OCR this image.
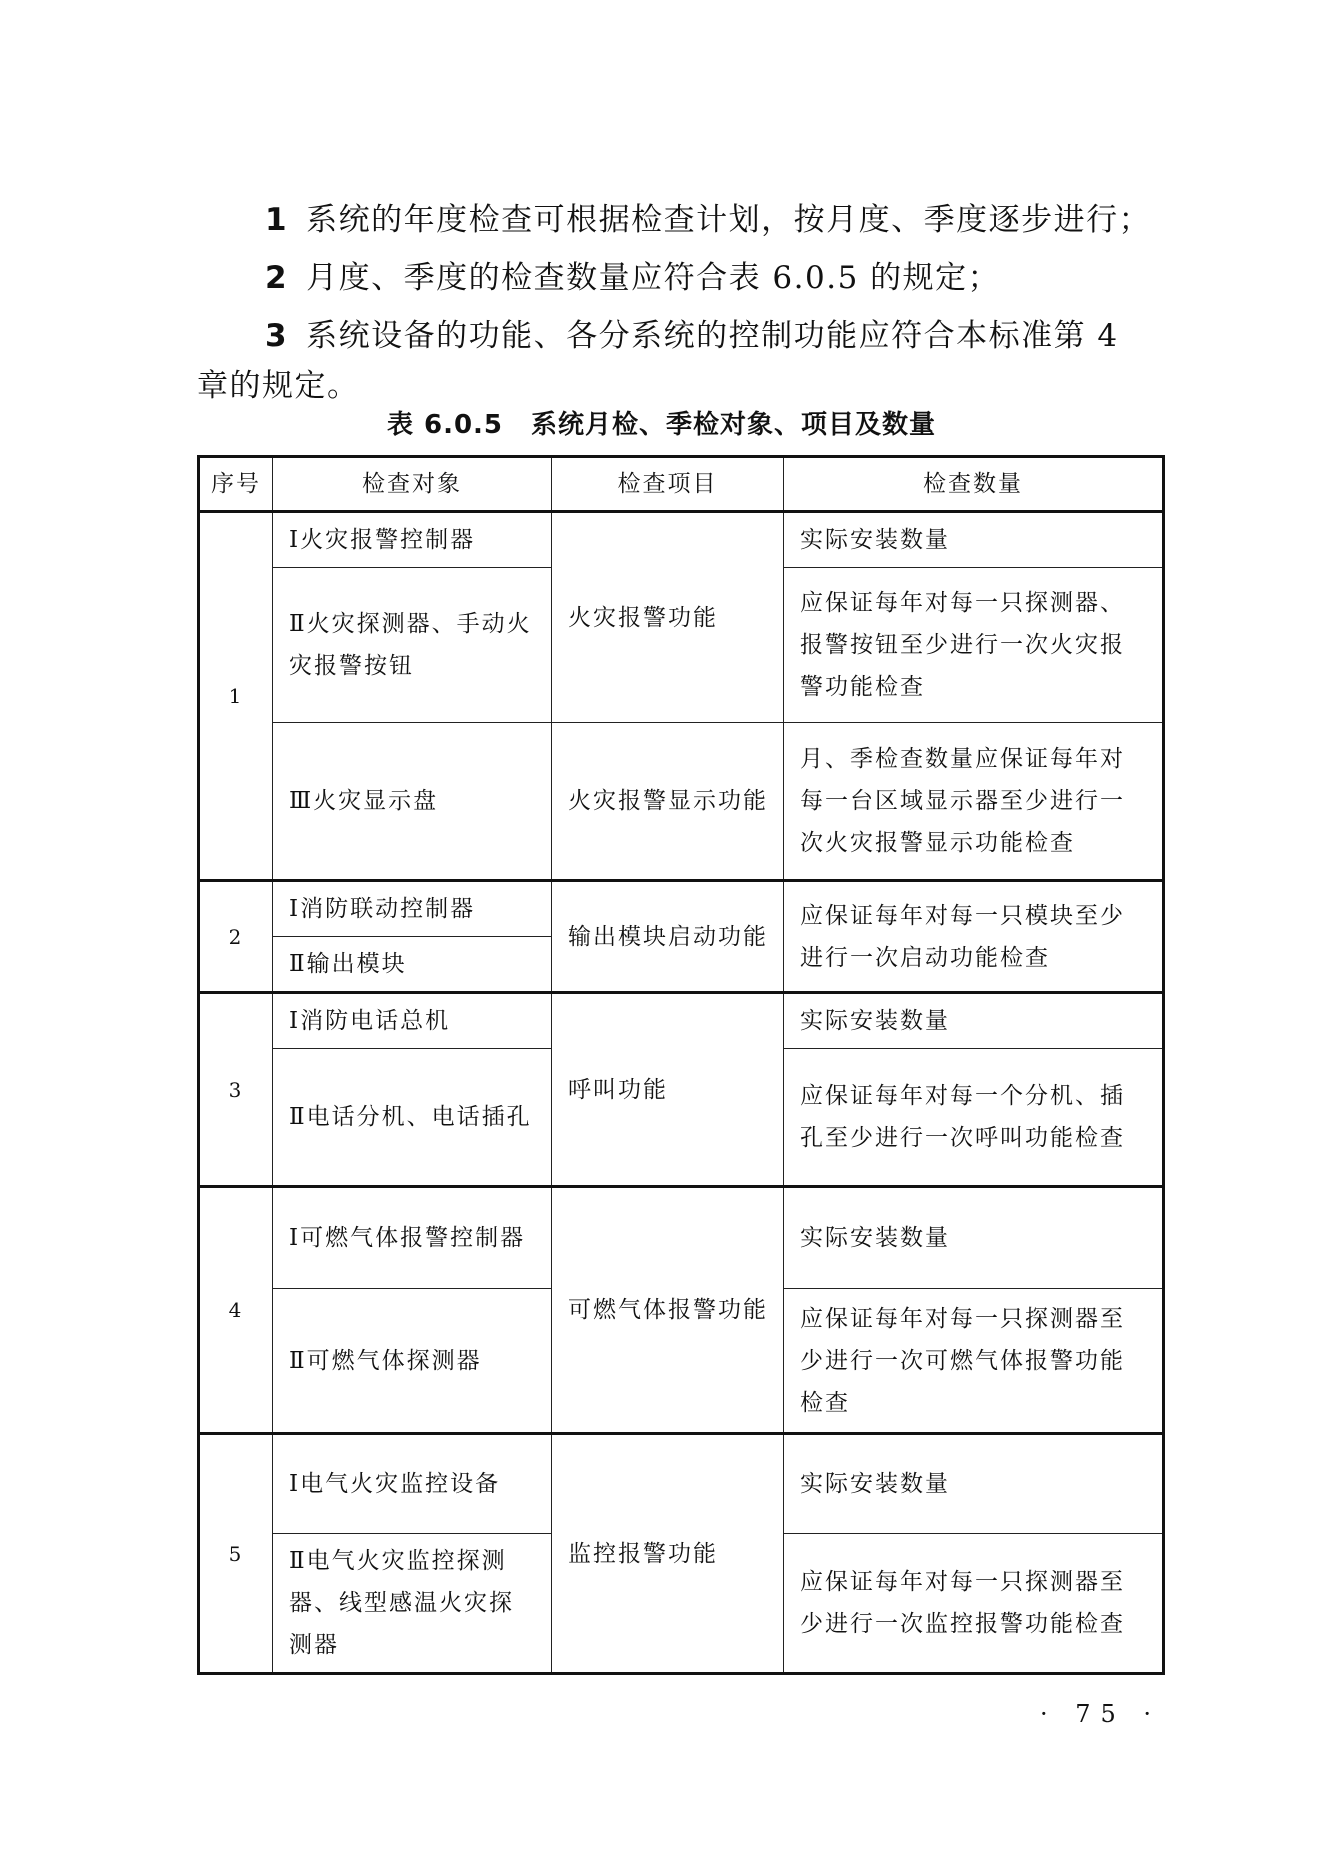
1 系统的年度检查可根据检查计划，按月度、季度逐步进行；
2 月度、季度的检查数量应符合表 6.0.5 的规定；
3 系统设备的功能、各分系统的控制功能应符合本标准第 4
章的规定。
表 6.0.5 系统月检、季检对象、项目及数量
序号	检查对象	检查项目	检查数量
1	Ⅰ火灾报警控制器	火灾报警功能	实际安装数量
	Ⅱ火灾探测器、手动火灾报警按钮		应保证每年对每一只探测器、报警按钮至少进行一次火灾报警功能检查
	Ⅲ火灾显示盘	火灾报警显示功能	月、季检查数量应保证每年对每一台区域显示器至少进行一次火灾报警显示功能检查
2	Ⅰ消防联动控制器	输出模块启动功能	应保证每年对每一只模块至少进行一次启动功能检查
	Ⅱ输出模块		
3	Ⅰ消防电话总机	呼叫功能	实际安装数量
	Ⅱ电话分机、电话插孔		应保证每年对每一个分机、插孔至少进行一次呼叫功能检查
4	Ⅰ可燃气体报警控制器	可燃气体报警功能	实际安装数量
	Ⅱ可燃气体探测器		应保证每年对每一只探测器至少进行一次可燃气体报警功能检查
5	Ⅰ电气火灾监控设备	监控报警功能	实际安装数量
	Ⅱ电气火灾监控探测器、线型感温火灾探测器		应保证每年对每一只探测器至少进行一次监控报警功能检查
· 75 ·
